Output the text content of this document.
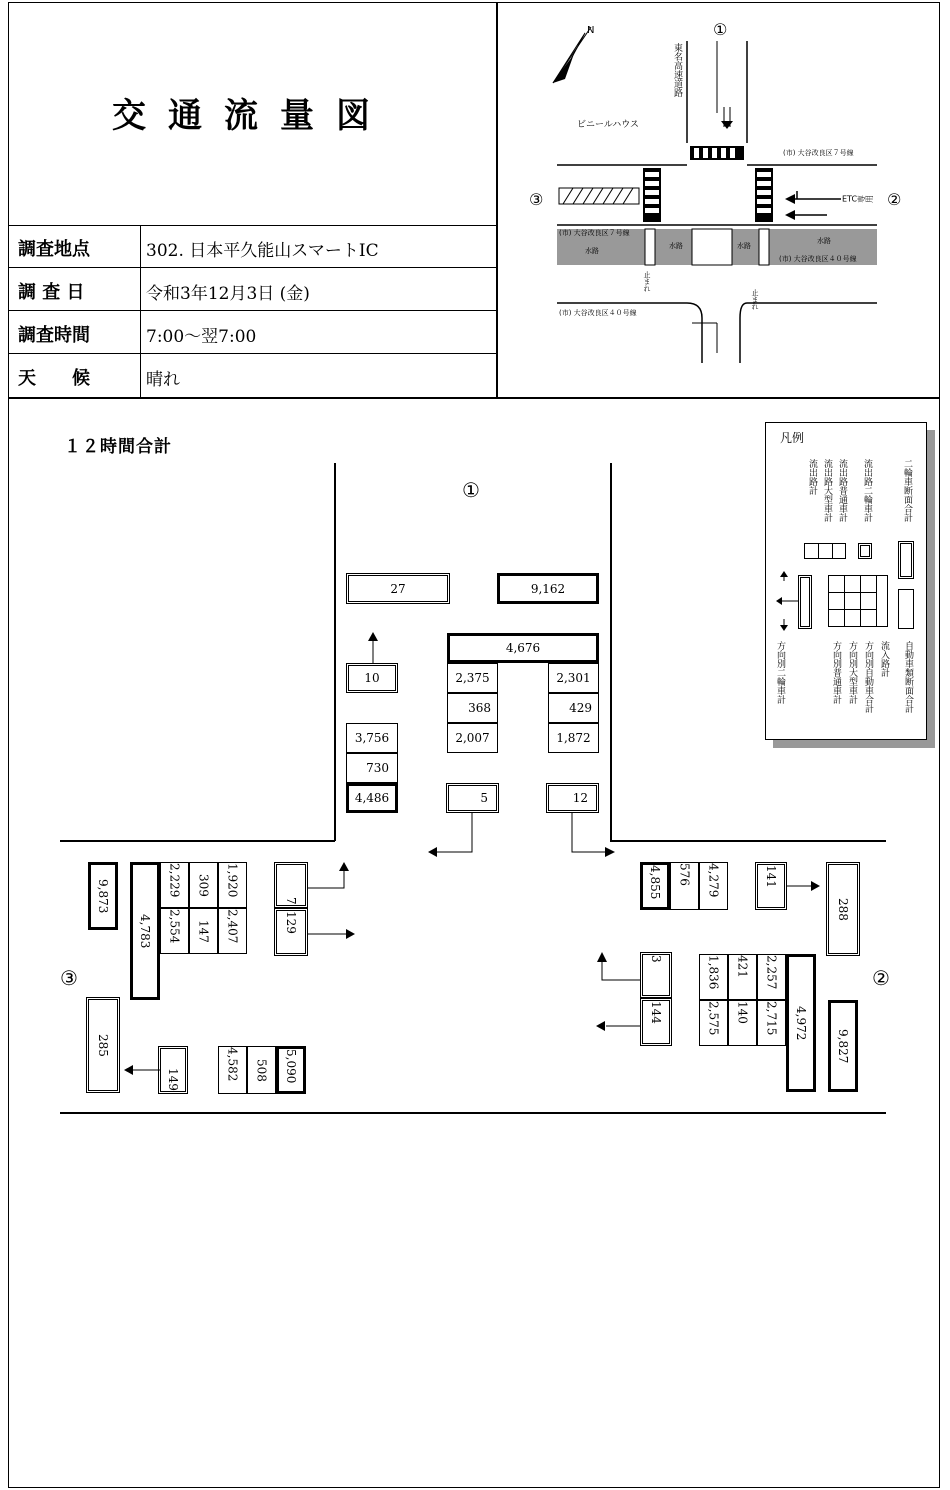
交通流量図
調査地点	302. 日本平久能山スマートIC
調 査 日	令和3年12月3日 (金)
調査時間	7:00～翌7:00
天　　候	晴れ
N	①
②
③
東名高速道路
ビニールハウス
(市) 大谷改良区７号線
ETC専用
(市) 大谷改良区７号線
水路
水路	水路
水路
(市) 大谷改良区４０号線
(市) 大谷改良区４０号線
止まれ
止まれ
１２時間合計	凡例
流出路計 流出路大型車計 流出路普通車計 流出路二輪車計	二輪車断面合計
方向別二輪車計	方向別普通車計 方向別大型車計 方向別自動車合計 流入路計 自動車類断面合計
①
②
③
27	9,162
4,676
10	2,375
368
2,007
2,301
429
1,872
3,756
730
4,486	5	12
9,873
4,783
2,229	309	1,920
2,554	147	2,407
7
129
285
149	4,582	508	5,090
4,855	576	4,279	141
288
3
144
1,836	421	2,257
2,575	140	2,715	4,972
9,827
